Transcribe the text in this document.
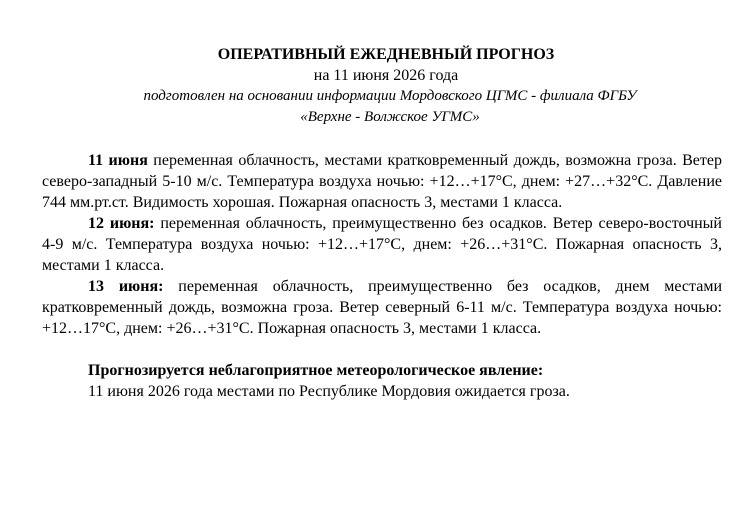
ОПЕРАТИВНЫЙ ЕЖЕДНЕВНЫЙ ПРОГНОЗ

на 11 июня 2026 года

подготовлен на основании информации Мордовского ЦГМС - филиала ФГБУ

«Верхне - Волжское УГМС»

11 июня переменная облачность, местами кратковременный дождь, возможна гроза. Ветер северо-западный 5-10 м/с. Температура воздуха ночью: +12…+17°С, днем: +27…+32°С. Давление 744 мм.рт.ст. Видимость хорошая. Пожарная опасность 3, местами 1 класса.

12 июня: переменная облачность, преимущественно без осадков. Ветер северо-восточный 4-9 м/с. Температура воздуха ночью: +12…+17°С, днем: +26…+31°С. Пожарная опасность 3, местами 1 класса.

13 июня: переменная облачность, преимущественно без осадков, днем местами кратковременный дождь, возможна гроза. Ветер северный 6-11 м/с. Температура воздуха ночью: +12…17°С, днем: +26…+31°С. Пожарная опасность 3, местами 1 класса.

Прогнозируется неблагоприятное метеорологическое явление:

11 июня 2026 года местами по Республике Мордовия ожидается гроза.
